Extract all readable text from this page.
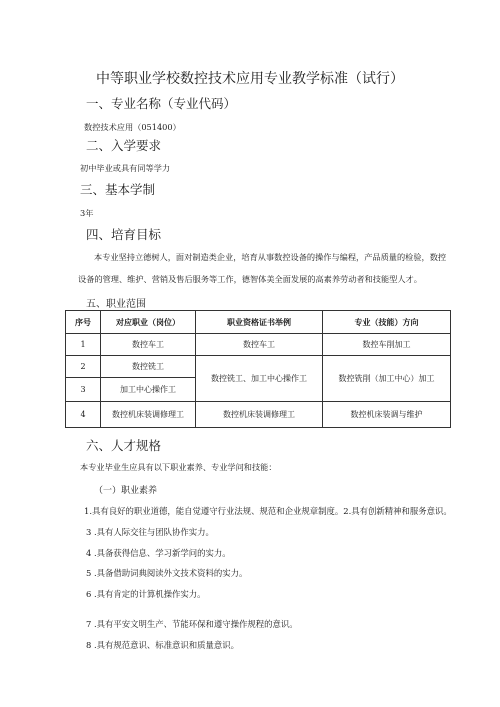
中等职业学校数控技术应用专业教学标准（试行）
一、专业名称（专业代码）
数控技术应用（051400）
二、入学要求
初中毕业或具有同等学力
三、基本学制
3年
四、培育目标
本专业坚持立德树人，面对制造类企业，培育从事数控设备的操作与编程，产品质量的检验，数控设备的管理、维护、营销及售后服务等工作，德智体美全面发展的高素养劳动者和技能型人才。
五、职业范围
序号	对应职业（岗位）	职业资格证书举例	专业（技能）方向
1	数控车工	数控车工	数控车削加工
2	数控铣工	数控铣工、加工中心操作工	数控铣削（加工中心）加工
3	加工中心操作工		
4	数控机床装调修理工	数控机床装调修理工	数控机床装调与维护
六、人才规格
本专业毕业生应具有以下职业素养、专业学问和技能：
（一）职业素养
1.具有良好的职业道德，能自觉遵守行业法规、规范和企业规章制度。2.具有创新精神和服务意识。
3 .具有人际交往与团队协作实力。
4 .具备获得信息、学习新学问的实力。
5 .具备借助词典阅读外文技术资料的实力。
6 .具有肯定的计算机操作实力。
7 .具有平安文明生产、节能环保和遵守操作规程的意识。
8 .具有规范意识、标准意识和质量意识。
